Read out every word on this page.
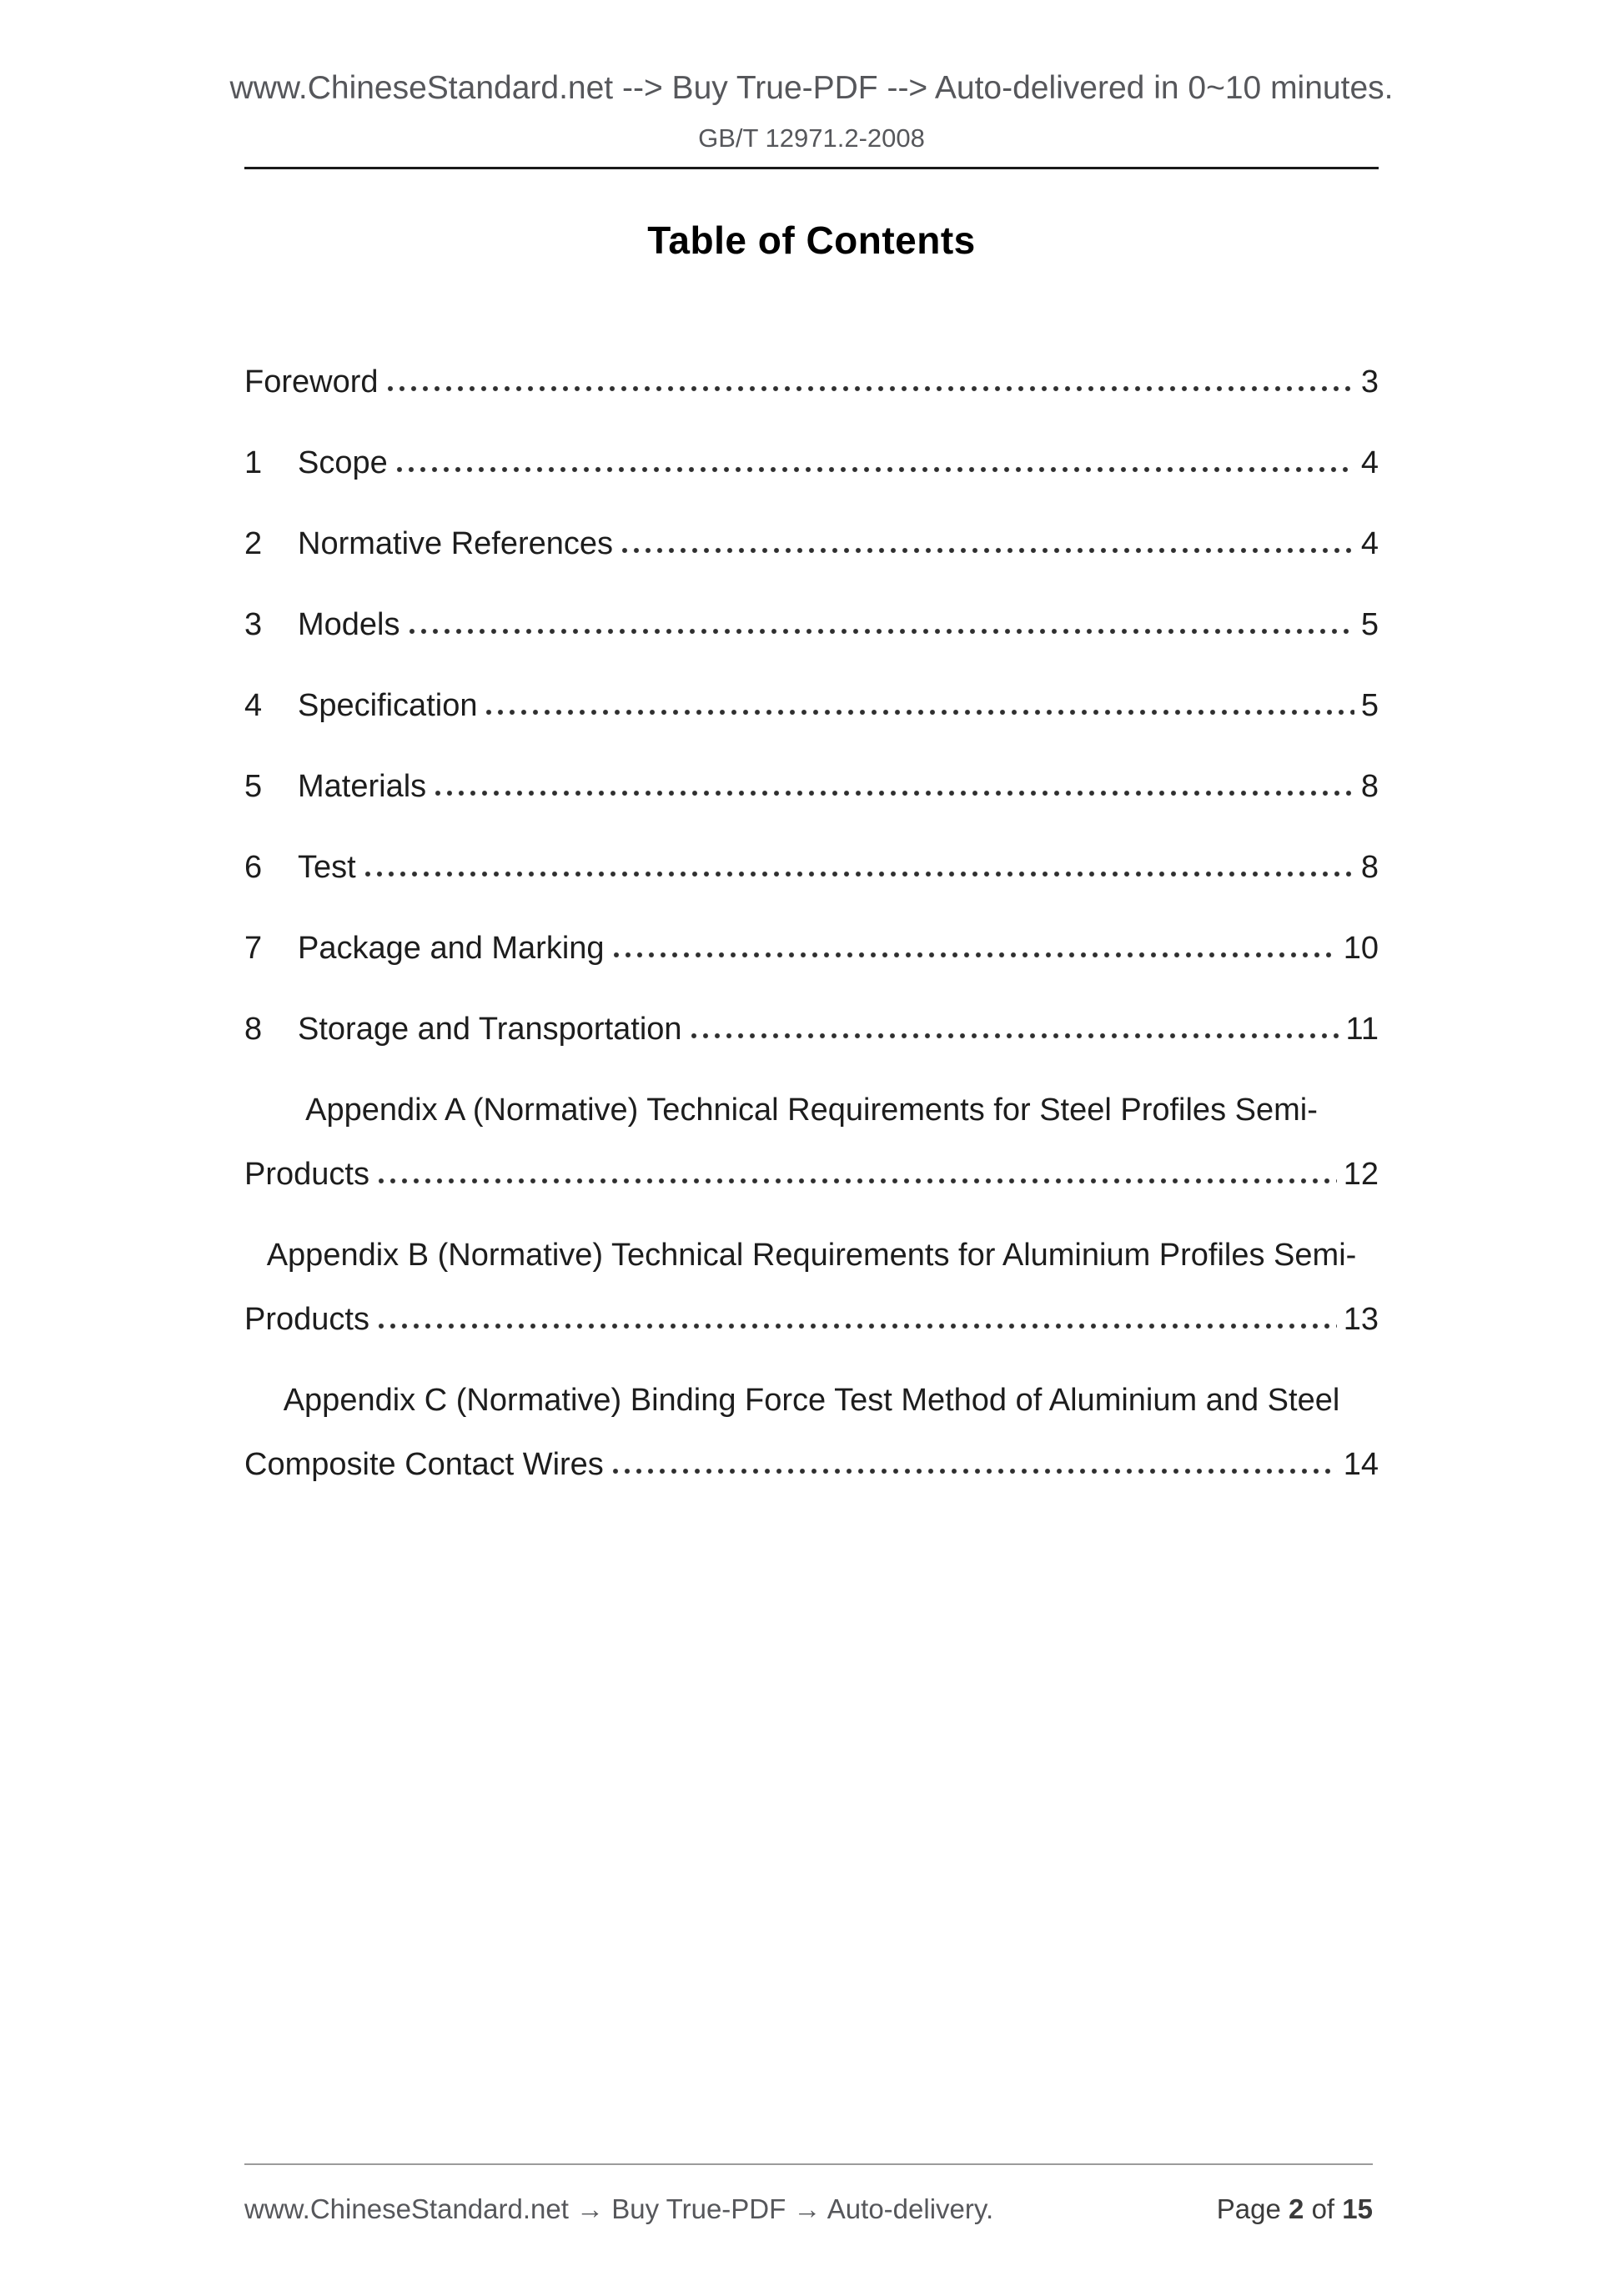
www.ChineseStandard.net --> Buy True-PDF --> Auto-delivered in 0~10 minutes.
GB/T 12971.2-2008
Table of Contents
Foreword	3
1	Scope	4
2	Normative References	4
3	Models	5
4	Specification	5
5	Materials	8
6	Test	8
7	Package and Marking	10
8	Storage and Transportation	11
Appendix A (Normative) Technical Requirements for Steel Profiles Semi-
Products	12
Appendix B (Normative) Technical Requirements for Aluminium Profiles Semi-
Products	13
Appendix C (Normative) Binding Force Test Method of Aluminium and Steel
Composite Contact Wires	14
www.ChineseStandard.net → Buy True-PDF → Auto-delivery.	Page 2 of 15
